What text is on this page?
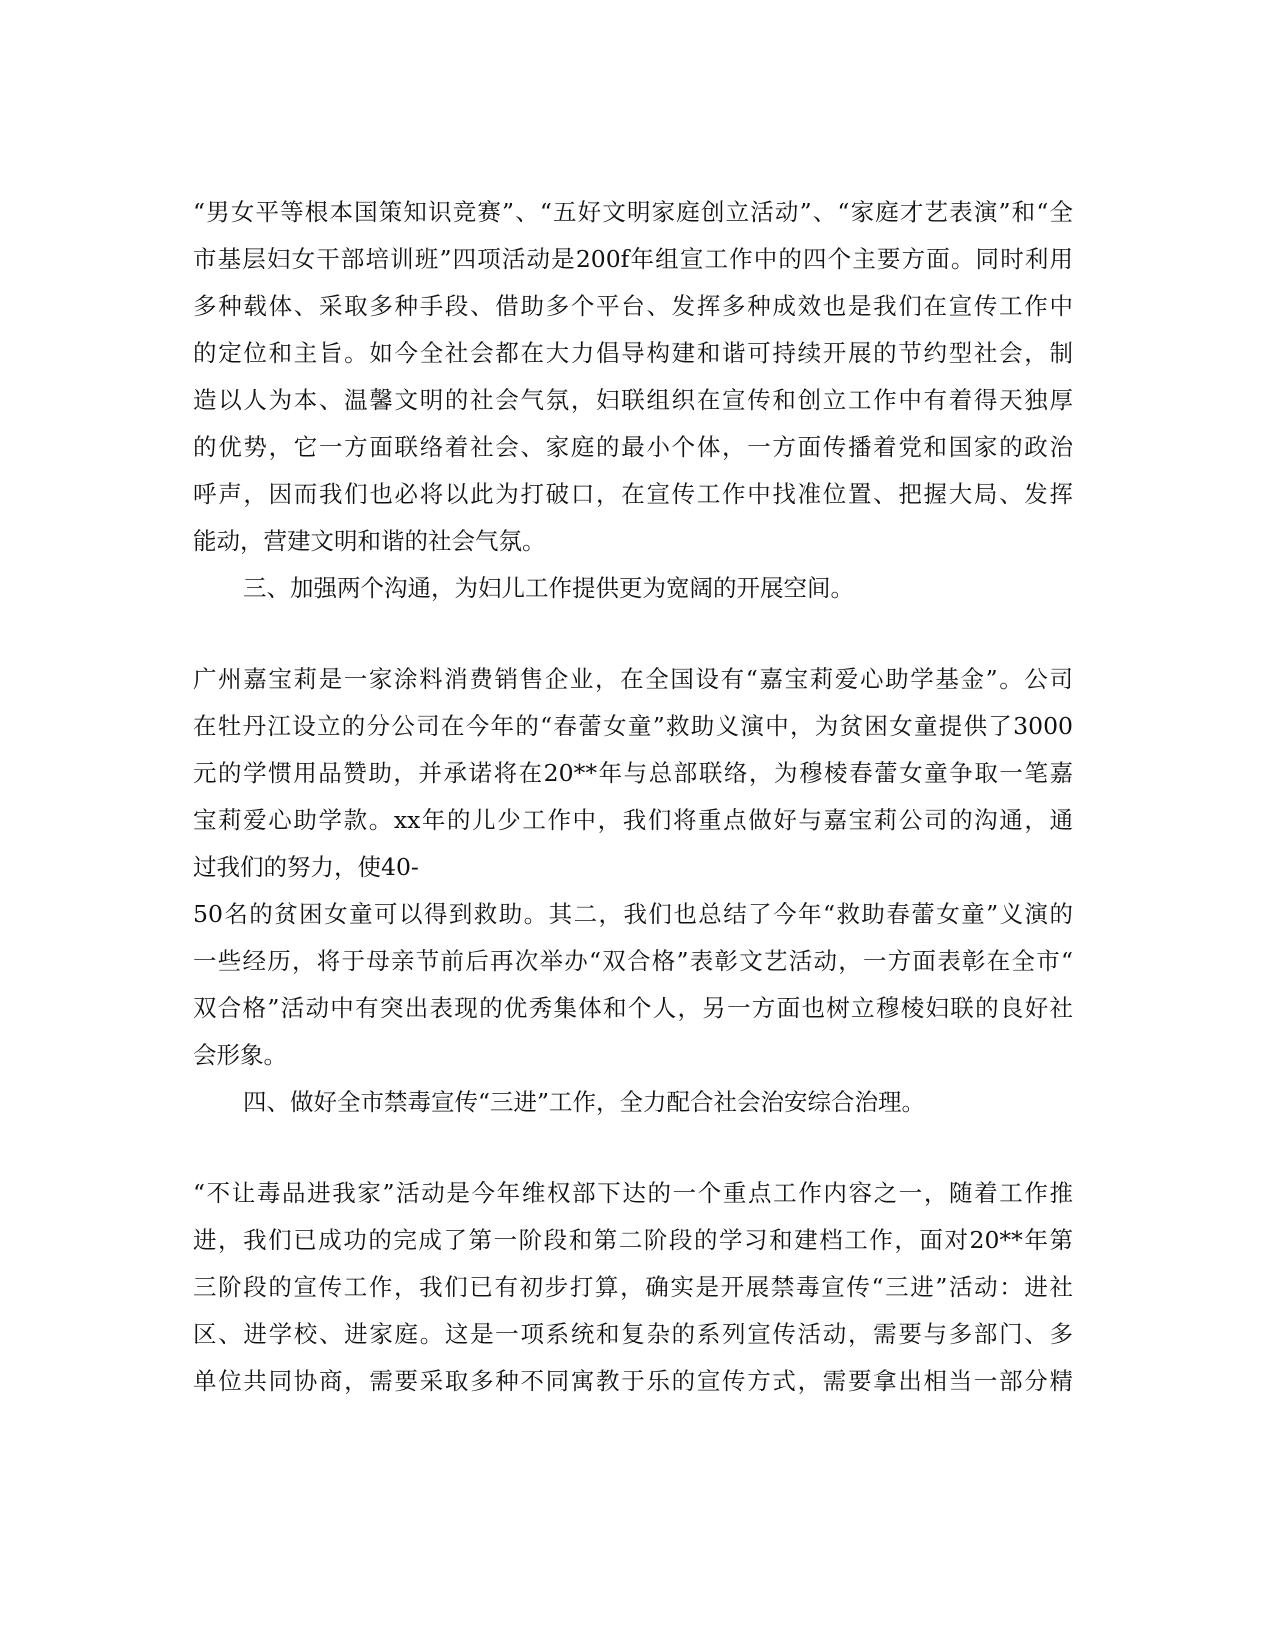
“男女平等根本国策知识竞赛”、“五好文明家庭创立活动”、“家庭才艺表演”和“全
市基层妇女干部培训班”四项活动是200f年组宣工作中的四个主要方面。同时利用
多种载体、采取多种手段、借助多个平台、发挥多种成效也是我们在宣传工作中
的定位和主旨。如今全社会都在大力倡导构建和谐可持续开展的节约型社会，制
造以人为本、温馨文明的社会气氛，妇联组织在宣传和创立工作中有着得天独厚
的优势，它一方面联络着社会、家庭的最小个体，一方面传播着党和国家的政治
呼声，因而我们也必将以此为打破口，在宣传工作中找准位置、把握大局、发挥
能动，营建文明和谐的社会气氛。
三、加强两个沟通，为妇儿工作提供更为宽阔的开展空间。
广州嘉宝莉是一家涂料消费销售企业，在全国设有“嘉宝莉爱心助学基金”。公司
在牡丹江设立的分公司在今年的“春蕾女童”救助义演中，为贫困女童提供了3000
元的学惯用品赞助，并承诺将在20**年与总部联络，为穆棱春蕾女童争取一笔嘉
宝莉爱心助学款。xx年的儿少工作中，我们将重点做好与嘉宝莉公司的沟通，通
过我们的努力，使40-
50名的贫困女童可以得到救助。其二，我们也总结了今年“救助春蕾女童”义演的
一些经历，将于母亲节前后再次举办“双合格”表彰文艺活动，一方面表彰在全市“
双合格”活动中有突出表现的优秀集体和个人，另一方面也树立穆棱妇联的良好社
会形象。
四、做好全市禁毒宣传“三进”工作，全力配合社会治安综合治理。
“不让毒品进我家”活动是今年维权部下达的一个重点工作内容之一，随着工作推
进，我们已成功的完成了第一阶段和第二阶段的学习和建档工作，面对20**年第
三阶段的宣传工作，我们已有初步打算，确实是开展禁毒宣传“三进”活动：进社
区、进学校、进家庭。这是一项系统和复杂的系列宣传活动，需要与多部门、多
单位共同协商，需要采取多种不同寓教于乐的宣传方式，需要拿出相当一部分精
